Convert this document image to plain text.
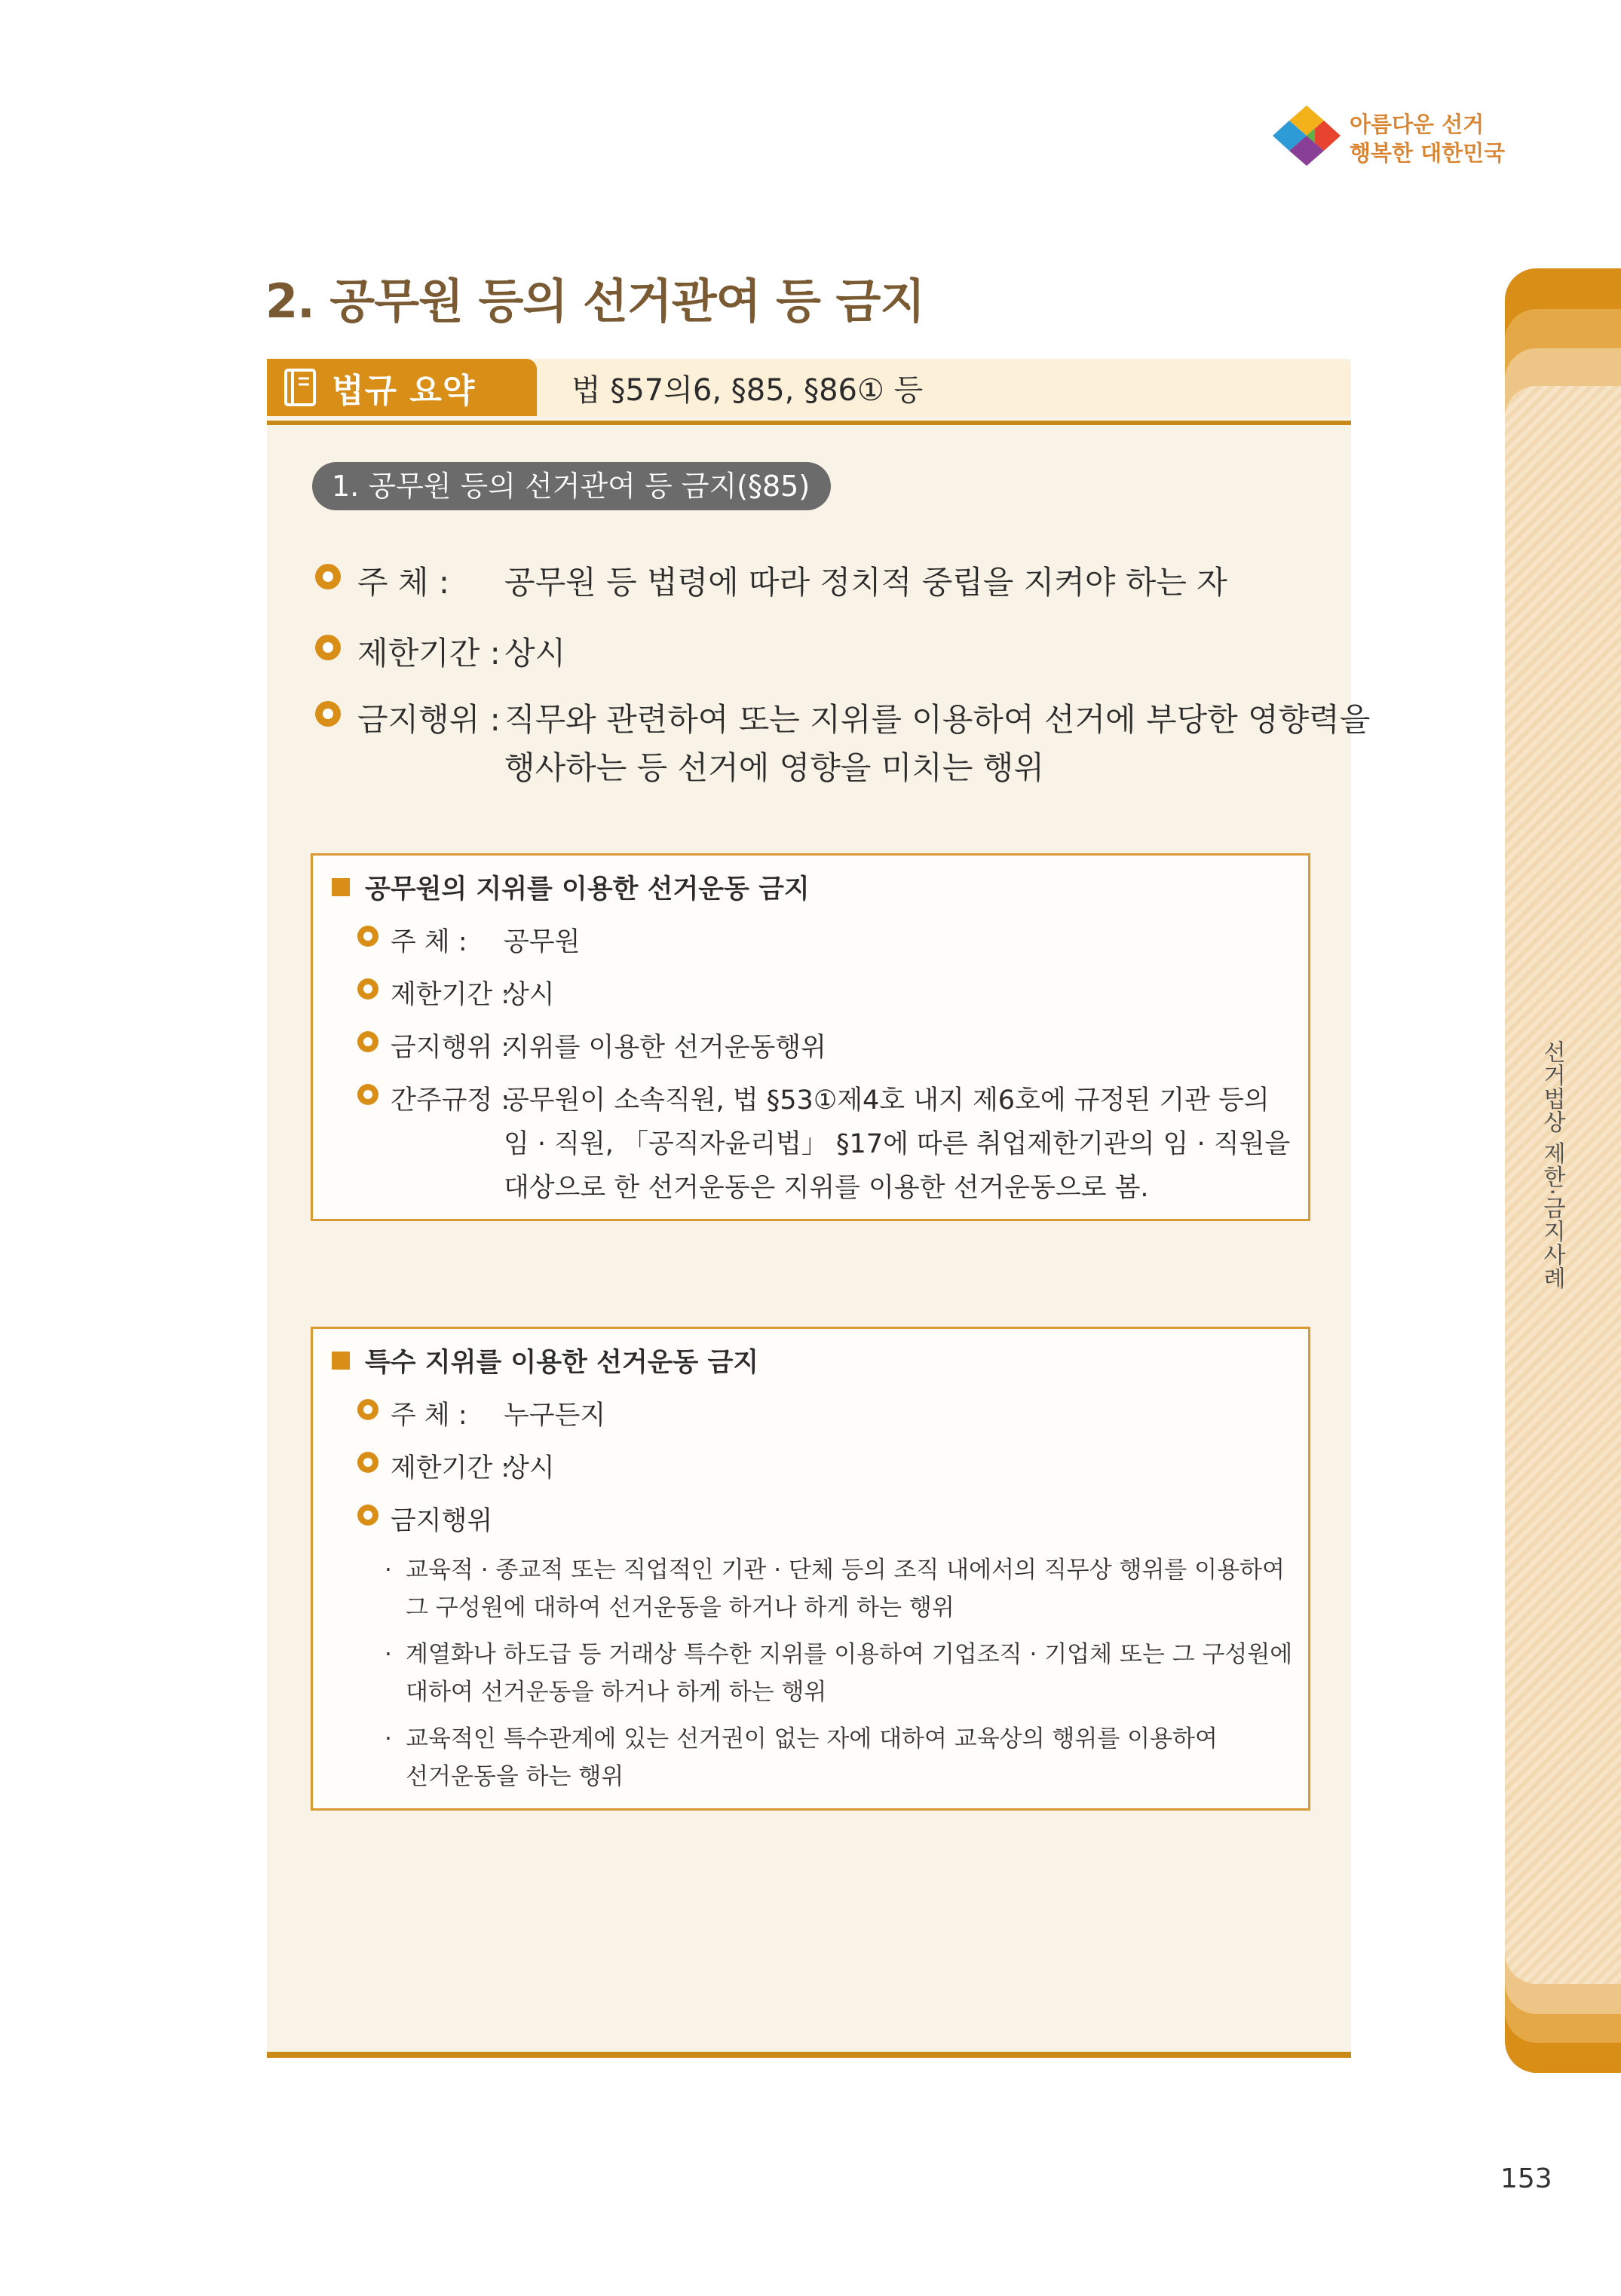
아름다운 선거
행복한 대한민국
2. 공무원 등의 선거관여 등 금지
선거법상 제한·금지사례
법규 요약	법 §57의6, §85, §86① 등
1. 공무원 등의 선거관여 등 금지(§85)
주 체 :	공무원 등 법령에 따라 정치적 중립을 지켜야 하는 자
제한기간 : 상시
금지행위 : 직무와 관련하여 또는 지위를 이용하여 선거에 부당한 영향력을
행사하는 등 선거에 영향을 미치는 행위
공무원의 지위를 이용한 선거운동 금지
주 체 :	공무원
제한기간 :
상시
금지행위 :
지위를 이용한 선거운동행위
간주규정 :
공무원이 소속직원, 법 §53①제4호 내지 제6호에 규정된 기관 등의
임 · 직원, 「공직자윤리법」 §17에 따른 취업제한기관의 임 · 직원을
대상으로 한 선거운동은 지위를 이용한 선거운동으로 봄.
특수 지위를 이용한 선거운동 금지
주 체 :	누구든지
제한기간 :
상시
금지행위
· 교육적 · 종교적 또는 직업적인 기관 · 단체 등의 조직 내에서의 직무상 행위를 이용하여
그 구성원에 대하여 선거운동을 하거나 하게 하는 행위
· 계열화나 하도급 등 거래상 특수한 지위를 이용하여 기업조직 · 기업체 또는 그 구성원에
대하여 선거운동을 하거나 하게 하는 행위
· 교육적인 특수관계에 있는 선거권이 없는 자에 대하여 교육상의 행위를 이용하여
선거운동을 하는 행위
153
